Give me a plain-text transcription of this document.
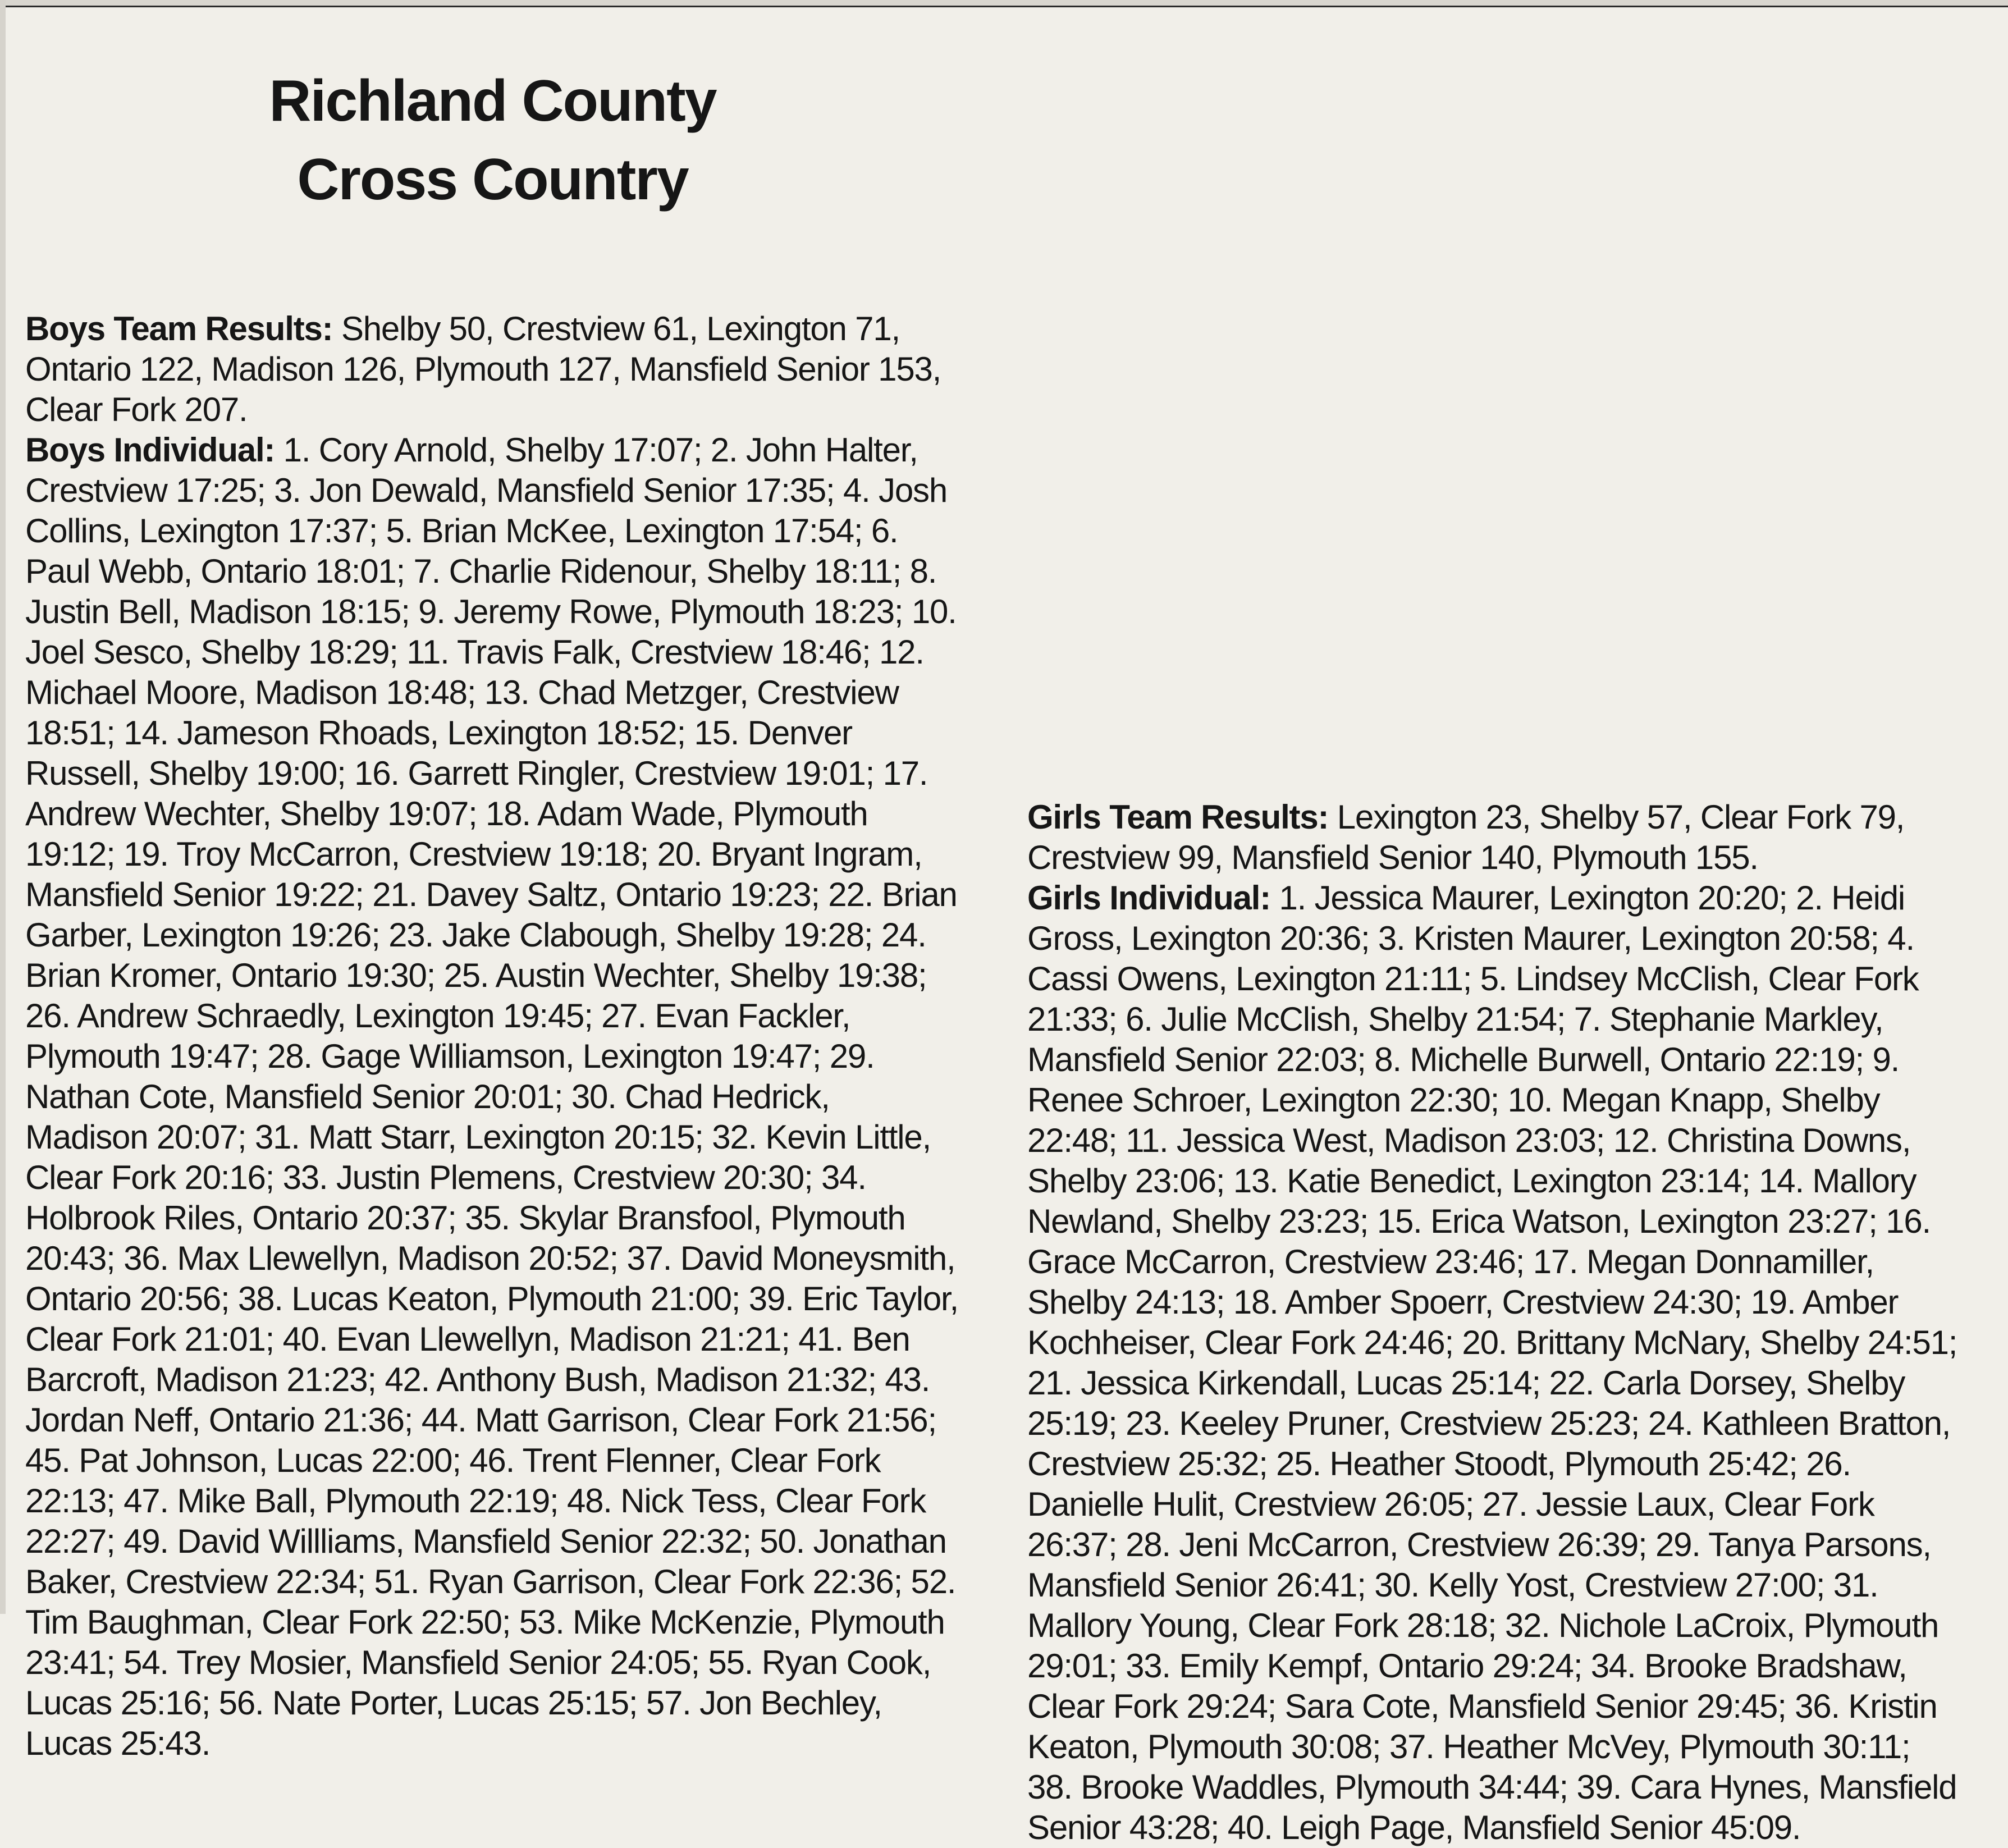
Richland County
Cross Country

Boys Team Results: Shelby 50, Crestview 61, Lexington 71, Ontario 122, Madison 126, Plymouth 127, Mansfield Senior 153, Clear Fork 207.

Boys Individual: 1. Cory Arnold, Shelby 17:07; 2. John Halter, Crestview 17:25; 3. Jon Dewald, Mansfield Senior 17:35; 4. Josh Collins, Lexington 17:37; 5. Brian McKee, Lexington 17:54; 6. Paul Webb, Ontario 18:01; 7. Charlie Ridenour, Shelby 18:11; 8. Justin Bell, Madison 18:15; 9. Jeremy Rowe, Plymouth 18:23; 10. Joel Sesco, Shelby 18:29; 11. Travis Falk, Crestview 18:46; 12. Michael Moore, Madison 18:48; 13. Chad Metzger, Crestview 18:51; 14. Jameson Rhoads, Lexington 18:52; 15. Denver Russell, Shelby 19:00; 16. Garrett Ringler, Crestview 19:01; 17. Andrew Wechter, Shelby 19:07; 18. Adam Wade, Plymouth 19:12; 19. Troy McCarron, Crestview 19:18; 20. Bryant Ingram, Mansfield Senior 19:22; 21. Davey Saltz, Ontario 19:23; 22. Brian Garber, Lexington 19:26; 23. Jake Clabough, Shelby 19:28; 24. Brian Kromer, Ontario 19:30; 25. Austin Wechter, Shelby 19:38; 26. Andrew Schraedly, Lexington 19:45; 27. Evan Fackler, Plymouth 19:47; 28. Gage Williamson, Lexington 19:47; 29. Nathan Cote, Mansfield Senior 20:01; 30. Chad Hedrick, Madison 20:07; 31. Matt Starr, Lexington 20:15; 32. Kevin Little, Clear Fork 20:16; 33. Justin Plemens, Crestview 20:30; 34. Holbrook Riles, Ontario 20:37; 35. Skylar Bransfool, Plymouth 20:43; 36. Max Llewellyn, Madison 20:52; 37. David Moneysmith, Ontario 20:56; 38. Lucas Keaton, Plymouth 21:00; 39. Eric Taylor, Clear Fork 21:01; 40. Evan Llewellyn, Madison 21:21; 41. Ben Barcroft, Madison 21:23; 42. Anthony Bush, Madison 21:32; 43. Jordan Neff, Ontario 21:36; 44. Matt Garrison, Clear Fork 21:56; 45. Pat Johnson, Lucas 22:00; 46. Trent Flenner, Clear Fork 22:13; 47. Mike Ball, Plymouth 22:19; 48. Nick Tess, Clear Fork 22:27; 49. David Willliams, Mansfield Senior 22:32; 50. Jonathan Baker, Crestview 22:34; 51. Ryan Garrison, Clear Fork 22:36; 52. Tim Baughman, Clear Fork 22:50; 53. Mike McKenzie, Plymouth 23:41; 54. Trey Mosier, Mansfield Senior 24:05; 55. Ryan Cook, Lucas 25:16; 56. Nate Porter, Lucas 25:15; 57. Jon Bechley, Lucas 25:43.

Girls Team Results: Lexington 23, Shelby 57, Clear Fork 79, Crestview 99, Mansfield Senior 140, Plymouth 155.

Girls Individual: 1. Jessica Maurer, Lexington 20:20; 2. Heidi Gross, Lexington 20:36; 3. Kristen Maurer, Lexington 20:58; 4. Cassi Owens, Lexington 21:11; 5. Lindsey McClish, Clear Fork 21:33; 6. Julie McClish, Shelby 21:54; 7. Stephanie Markley, Mansfield Senior 22:03; 8. Michelle Burwell, Ontario 22:19; 9. Renee Schroer, Lexington 22:30; 10. Megan Knapp, Shelby 22:48; 11. Jessica West, Madison 23:03; 12. Christina Downs, Shelby 23:06; 13. Katie Benedict, Lexington 23:14; 14. Mallory Newland, Shelby 23:23; 15. Erica Watson, Lexington 23:27; 16. Grace McCarron, Crestview 23:46; 17. Megan Donnamiller, Shelby 24:13; 18. Amber Spoerr, Crestview 24:30; 19. Amber Kochheiser, Clear Fork 24:46; 20. Brittany McNary, Shelby 24:51; 21. Jessica Kirkendall, Lucas 25:14; 22. Carla Dorsey, Shelby 25:19; 23. Keeley Pruner, Crestview 25:23; 24. Kathleen Bratton, Crestview 25:32; 25. Heather Stoodt, Plymouth 25:42; 26. Danielle Hulit, Crestview 26:05; 27. Jessie Laux, Clear Fork 26:37; 28. Jeni McCarron, Crestview 26:39; 29. Tanya Parsons, Mansfield Senior 26:41; 30. Kelly Yost, Crestview 27:00; 31. Mallory Young, Clear Fork 28:18; 32. Nichole LaCroix, Plymouth 29:01; 33. Emily Kempf, Ontario 29:24; 34. Brooke Bradshaw, Clear Fork 29:24; Sara Cote, Mansfield Senior 29:45; 36. Kristin Keaton, Plymouth 30:08; 37. Heather McVey, Plymouth 30:11; 38. Brooke Waddles, Plymouth 34:44; 39. Cara Hynes, Mansfield Senior 43:28; 40. Leigh Page, Mansfield Senior 45:09.
